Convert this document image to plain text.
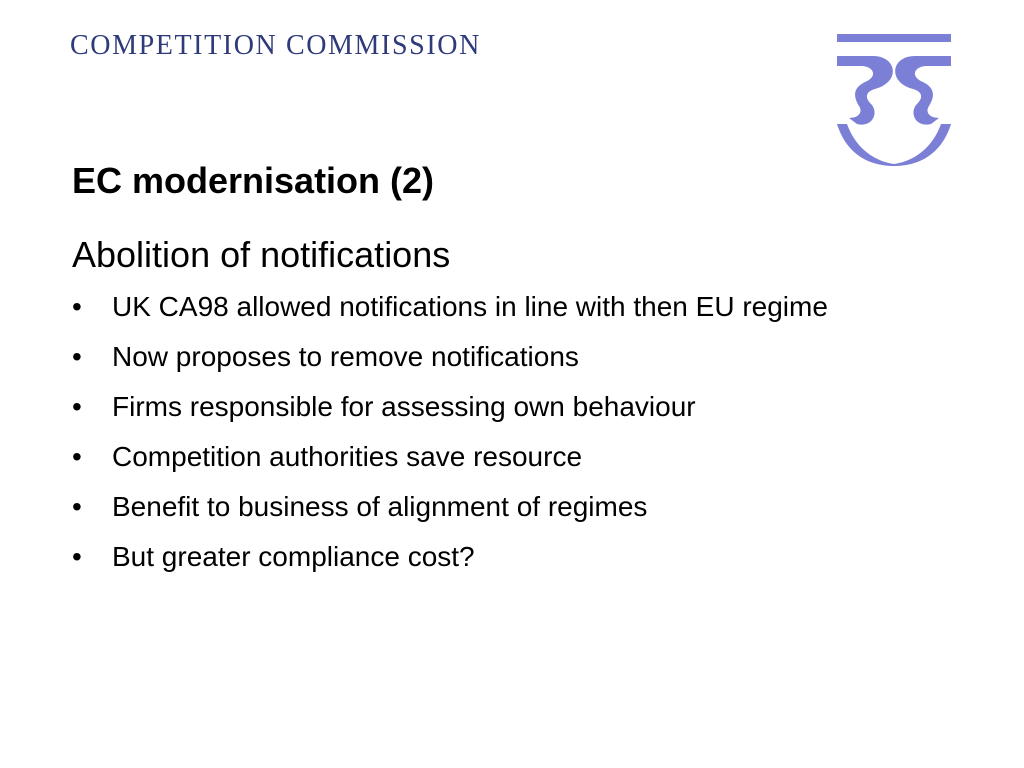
COMPETITION COMMISSION
EC modernisation (2)
Abolition of notifications
•	UK CA98 allowed notifications in line with then EU regime
•	Now proposes to remove notifications
•	Firms responsible for assessing own behaviour
•	Competition authorities save resource
•	Benefit to business of alignment of regimes
•	But greater compliance cost?
